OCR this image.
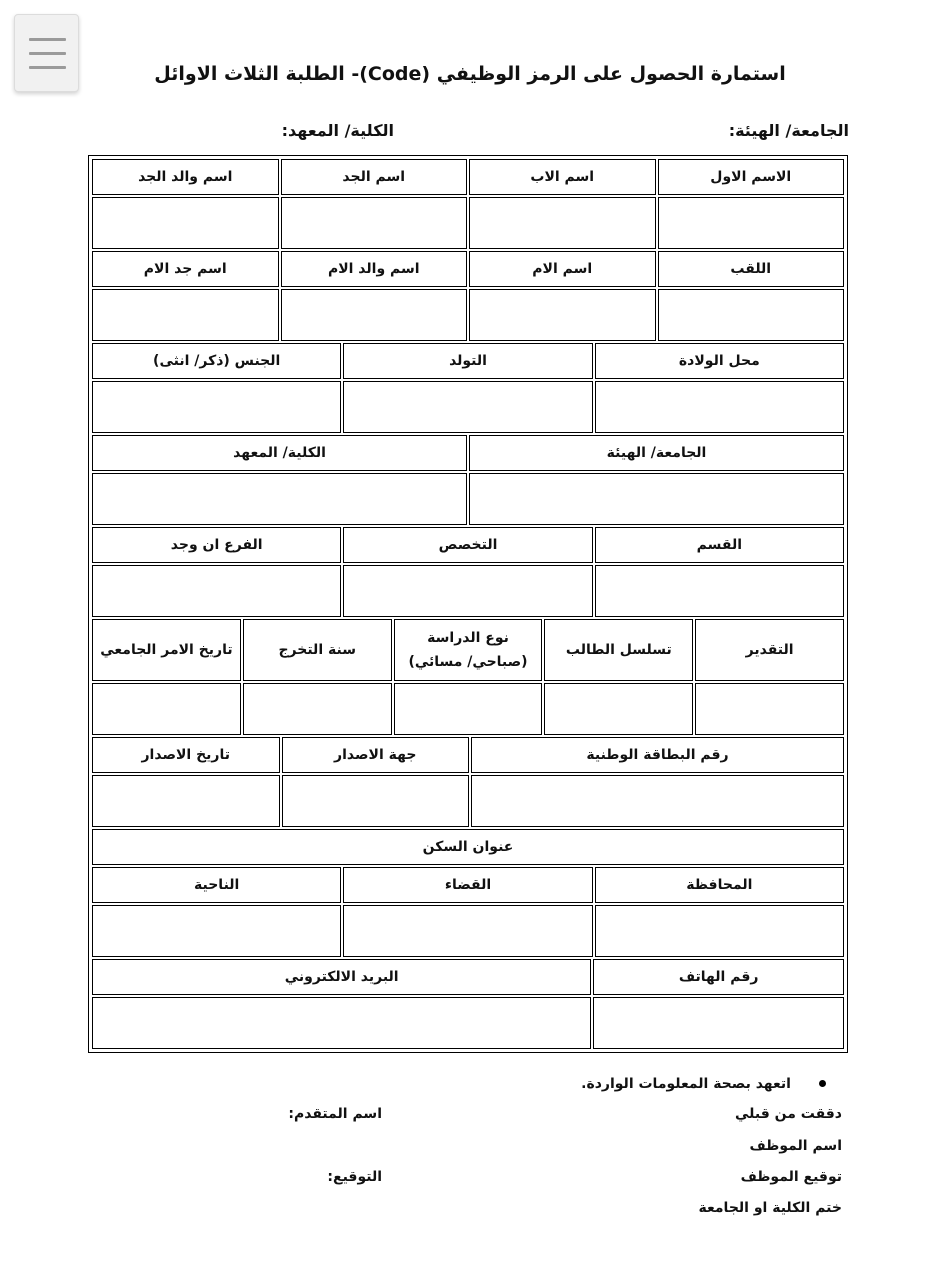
استمارة الحصول على الرمز الوظيفي (Code)- الطلبة الثلاث الاوائل
الجامعة/ الهيئة:
الكلية/ المعهد:
الاسم الاول
اسم الاب
اسم الجد
اسم والد الجد
اللقب
اسم الام
اسم والد الام
اسم جد الام
محل الولادة
التولد
الجنس (ذكر/ انثى)
الجامعة/ الهيئة
الكلية/ المعهد
القسم
التخصص
الفرع ان وجد
التقدير
تسلسل الطالب
نوع الدراسة (صباحي/ مسائي)
سنة التخرج
تاريخ الامر الجامعي
رقم البطاقة الوطنية
جهة الاصدار
تاريخ الاصدار
عنوان السكن
المحافظة
القضاء
الناحية
رقم الهاتف
البريد الالكتروني
اتعهد بصحة المعلومات الواردة.
دققت من قبلي
اسم المتقدم:
اسم الموظف
توقيع الموظف
التوقيع:
ختم الكلية او الجامعة
